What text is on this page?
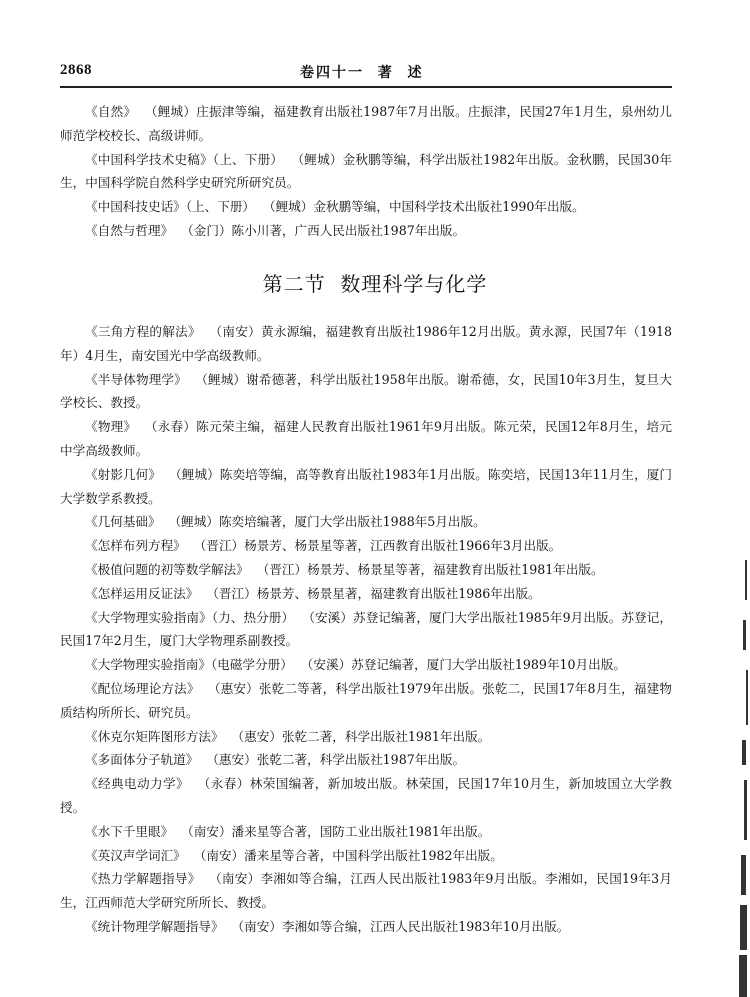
2868	卷四十一  著  述

《自然》  （鲤城）庄振津等编，福建教育出版社1987年7月出版。庄振津，民国27年1月生，泉州幼儿师范学校校长、高级讲师。

《中国科学技术史稿》（上、下册）  （鲤城）金秋鹏等编，科学出版社1982年出版。金秋鹏，民国30年生，中国科学院自然科学史研究所研究员。

《中国科技史话》（上、下册）  （鲤城）金秋鹏等编，中国科学技术出版社1990年出版。

《自然与哲理》  （金门）陈小川著，广西人民出版社1987年出版。

第二节  数理科学与化学

《三角方程的解法》  （南安）黄永源编，福建教育出版社1986年12月出版。黄永源，民国7年（1918年）4月生，南安国光中学高级教师。

《半导体物理学》  （鲤城）谢希德著，科学出版社1958年出版。谢希德，女，民国10年3月生，复旦大学校长、教授。

《物理》  （永春）陈元荣主编，福建人民教育出版社1961年9月出版。陈元荣，民国12年8月生，培元中学高级教师。

《射影几何》  （鲤城）陈奕培等编，高等教育出版社1983年1月出版。陈奕培，民国13年11月生，厦门大学数学系教授。

《几何基础》  （鲤城）陈奕培编著，厦门大学出版社1988年5月出版。

《怎样布列方程》  （晋江）杨景芳、杨景星等著，江西教育出版社1966年3月出版。

《极值问题的初等数学解法》  （晋江）杨景芳、杨景星等著，福建教育出版社1981年出版。

《怎样运用反证法》  （晋江）杨景芳、杨景星著，福建教育出版社1986年出版。

《大学物理实验指南》（力、热分册）  （安溪）苏登记编著，厦门大学出版社1985年9月出版。苏登记，民国17年2月生，厦门大学物理系副教授。

《大学物理实验指南》（电磁学分册）  （安溪）苏登记编著，厦门大学出版社1989年10月出版。

《配位场理论方法》  （惠安）张乾二等著，科学出版社1979年出版。张乾二，民国17年8月生，福建物质结构所所长、研究员。

《休克尔矩阵图形方法》  （惠安）张乾二著，科学出版社1981年出版。

《多面体分子轨道》  （惠安）张乾二著，科学出版社1987年出版。

《经典电动力学》  （永春）林荣国编著，新加坡出版。林荣国，民国17年10月生，新加坡国立大学教授。

《水下千里眼》  （南安）潘来星等合著，国防工业出版社1981年出版。

《英汉声学词汇》  （南安）潘来星等合著，中国科学出版社1982年出版。

《热力学解题指导》  （南安）李湘如等合编，江西人民出版社1983年9月出版。李湘如，民国19年3月生，江西师范大学研究所所长、教授。

《统计物理学解题指导》  （南安）李湘如等合编，江西人民出版社1983年10月出版。
